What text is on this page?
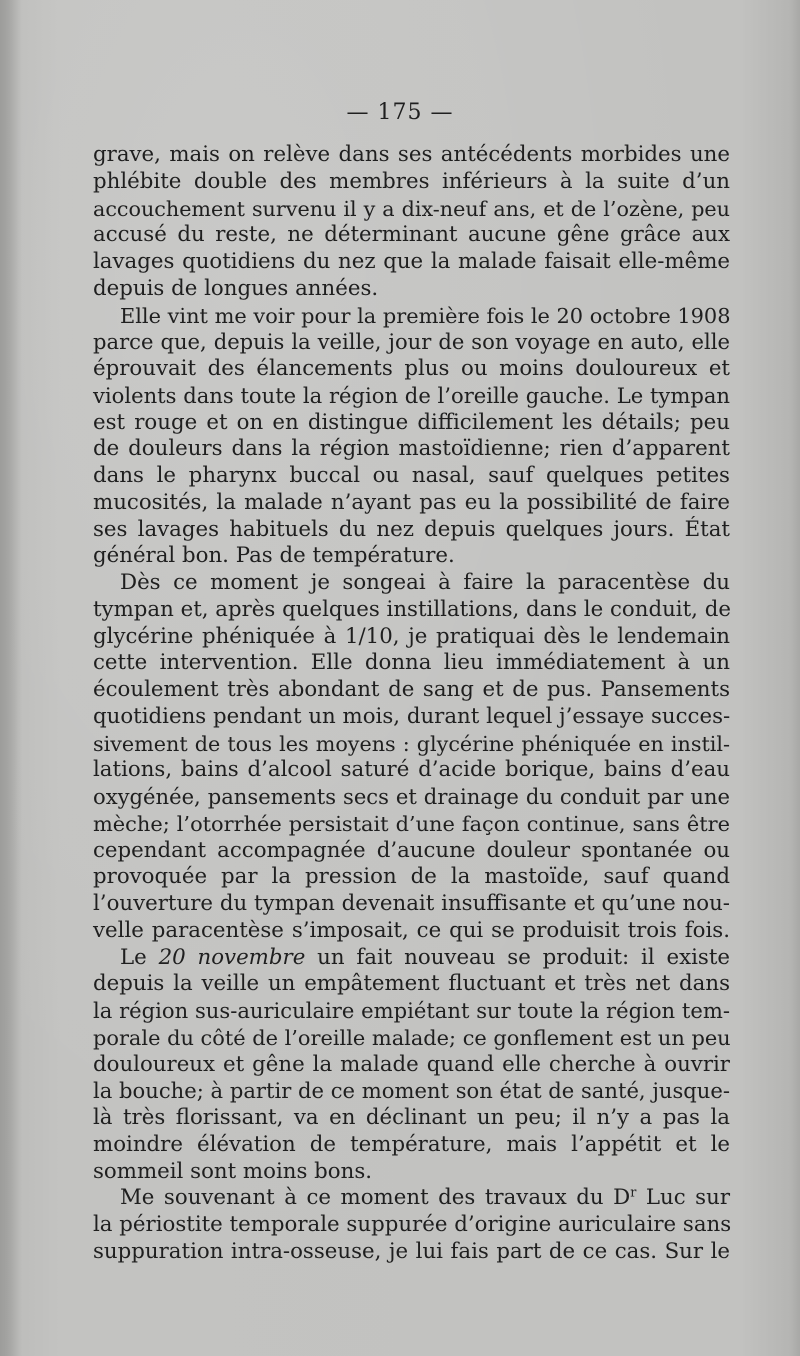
— 175 —
grave, mais on relève dans ses antécédents morbides une
phlébite double des membres inférieurs à la suite d’un
accouchement survenu il y a dix-neuf ans, et de l’ozène, peu
accusé du reste, ne déterminant aucune gêne grâce aux
lavages quotidiens du nez que la malade faisait elle-même
depuis de longues années.
Elle vint me voir pour la première fois le 20 octobre 1908
parce que, depuis la veille, jour de son voyage en auto, elle
éprouvait des élancements plus ou moins douloureux et
violents dans toute la région de l’oreille gauche. Le tympan
est rouge et on en distingue difficilement les détails; peu
de douleurs dans la région mastoïdienne; rien d’apparent
dans le pharynx buccal ou nasal, sauf quelques petites
mucosités, la malade n’ayant pas eu la possibilité de faire
ses lavages habituels du nez depuis quelques jours. État
général bon. Pas de température.
Dès ce moment je songeai à faire la paracentèse du
tympan et, après quelques instillations, dans le conduit, de
glycérine phéniquée à 1/10, je pratiquai dès le lendemain
cette intervention. Elle donna lieu immédiatement à un
écoulement très abondant de sang et de pus. Pansements
quotidiens pendant un mois, durant lequel j’essaye succes-
sivement de tous les moyens : glycérine phéniquée en instil-
lations, bains d’alcool saturé d’acide borique, bains d’eau
oxygénée, pansements secs et drainage du conduit par une
mèche; l’otorrhée persistait d’une façon continue, sans être
cependant accompagnée d’aucune douleur spontanée ou
provoquée par la pression de la mastoïde, sauf quand
l’ouverture du tympan devenait insuffisante et qu’une nou-
velle paracentèse s’imposait, ce qui se produisit trois fois.
Le 20 novembre un fait nouveau se produit: il existe
depuis la veille un empâtement fluctuant et très net dans
la région sus-auriculaire empiétant sur toute la région tem-
porale du côté de l’oreille malade; ce gonflement est un peu
douloureux et gêne la malade quand elle cherche à ouvrir
la bouche; à partir de ce moment son état de santé, jusque-
là très florissant, va en déclinant un peu; il n’y a pas la
moindre élévation de température, mais l’appétit et le
sommeil sont moins bons.
Me souvenant à ce moment des travaux du $D^r$ Luc sur
la périostite temporale suppurée d’origine auriculaire sans
suppuration intra-osseuse, je lui fais part de ce cas. Sur le
